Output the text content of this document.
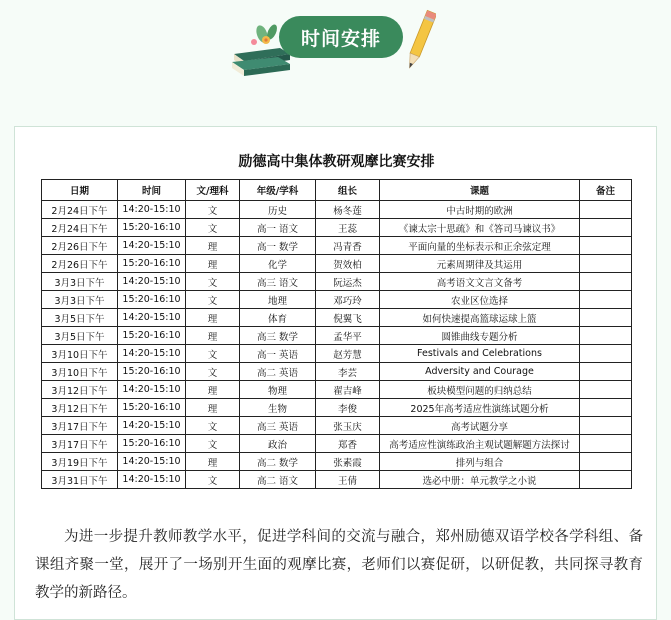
时间安排
励德高中集体教研观摩比赛安排
日期	时间	文/理科	年级/学科	组长	课题	备注
2月24日下午	14:20-15:10	文	历史	杨冬莲	中古时期的欧洲	
2月24日下午	15:20-16:10	文	高一 语文	王蕊	《谏太宗十思疏》和《答司马谏议书》	
2月26日下午	14:20-15:10	理	高一 数学	冯青香	平面向量的坐标表示和正余弦定理	
2月26日下午	15:20-16:10	理	化学	贺效柏	元素周期律及其运用	
3月3日下午	14:20-15:10	文	高三 语文	阮运杰	高考语文文言文备考	
3月3日下午	15:20-16:10	文	地理	邓巧玲	农业区位选择	
3月5日下午	14:20-15:10	理	体育	倪翼飞	如何快速提高篮球运球上篮	
3月5日下午	15:20-16:10	理	高三 数学	孟华平	圆锥曲线专题分析	
3月10日下午	14:20-15:10	文	高一 英语	赵芳慧	Festivals and Celebrations	
3月10日下午	15:20-16:10	文	高二 英语	李芸	Adversity and Courage	
3月12日下午	14:20-15:10	理	物理	翟吉峰	板块模型问题的归纳总结	
3月12日下午	15:20-16:10	理	生物	李俊	2025年高考适应性演练试题分析	
3月17日下午	14:20-15:10	文	高三 英语	张玉庆	高考试题分享	
3月17日下午	15:20-16:10	文	政治	郑香	高考适应性演练政治主观试题解题方法探讨	
3月19日下午	14:20-15:10	理	高二 数学	张素霞	排列与组合	
3月31日下午	14:20-15:10	文	高二 语文	王倩	选必中册：单元教学之小说	
为进一步提升教师教学水平，促进学科间的交流与融合，郑州励德双语学校各学科组、备课组齐聚一堂，展开了一场别开生面的观摩比赛，老师们以赛促研，以研促教，共同探寻教育教学的新路径。
